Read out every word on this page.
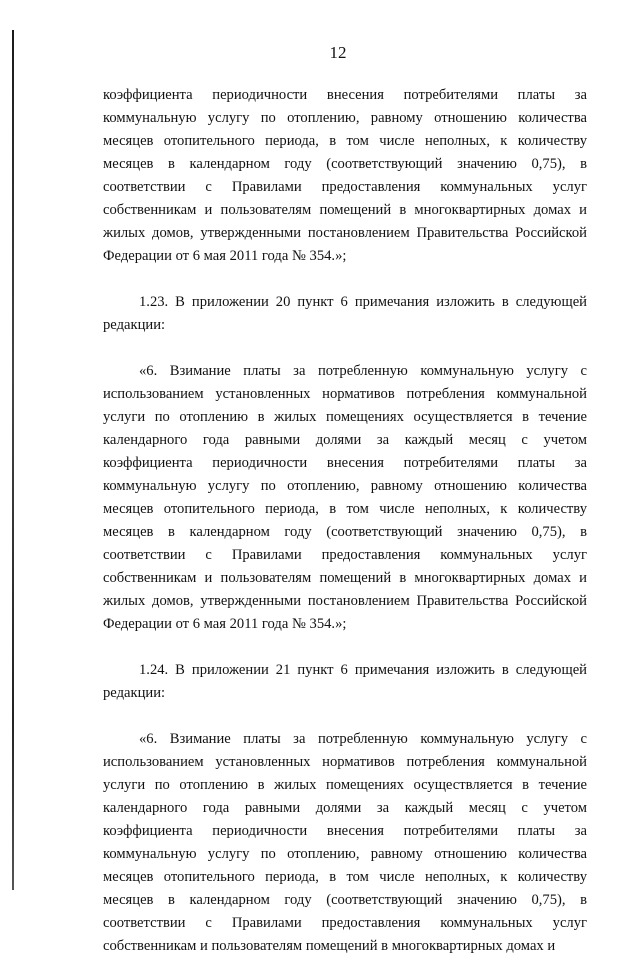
12

коэффициента периодичности внесения потребителями платы за
коммунальную услугу по отоплению, равному отношению количества
месяцев отопительного периода, в том числе неполных, к количеству
месяцев в календарном году (соответствующий значению 0,75), в
соответствии с Правилами предоставления коммунальных услуг
собственникам и пользователям помещений в многоквартирных домах и
жилых домов, утвержденными постановлением Правительства Российской
Федерации от 6 мая 2011 года № 354.»;

1.23. В приложении 20 пункт 6 примечания изложить в следующей
редакции:

«6. Взимание платы за потребленную коммунальную услугу с
использованием установленных нормативов потребления коммунальной
услуги по отоплению в жилых помещениях осуществляется в течение
календарного года равными долями за каждый месяц с учетом
коэффициента периодичности внесения потребителями платы за
коммунальную услугу по отоплению, равному отношению количества
месяцев отопительного периода, в том числе неполных, к количеству
месяцев в календарном году (соответствующий значению 0,75), в
соответствии с Правилами предоставления коммунальных услуг
собственникам и пользователям помещений в многоквартирных домах и
жилых домов, утвержденными постановлением Правительства Российской
Федерации от 6 мая 2011 года № 354.»;

1.24. В приложении 21 пункт 6 примечания изложить в следующей
редакции:

«6. Взимание платы за потребленную коммунальную услугу с
использованием установленных нормативов потребления коммунальной
услуги по отоплению в жилых помещениях осуществляется в течение
календарного года равными долями за каждый месяц с учетом
коэффициента периодичности внесения потребителями платы за
коммунальную услугу по отоплению, равному отношению количества
месяцев отопительного периода, в том числе неполных, к количеству
месяцев в календарном году (соответствующий значению 0,75), в
соответствии с Правилами предоставления коммунальных услуг
собственникам и пользователям помещений в многоквартирных домах и
